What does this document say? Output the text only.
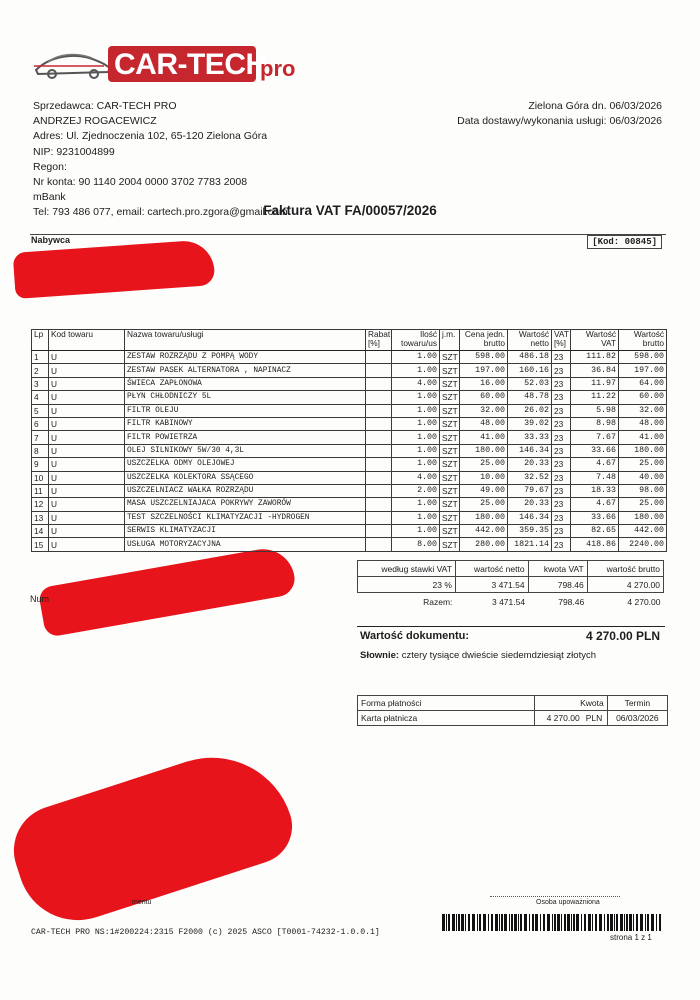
CAR-TECH
pro
Sprzedawca: CAR-TECH PRO
ANDRZEJ ROGACEWICZ
Adres: Ul. Zjednoczenia 102, 65-120 Zielona Góra
NIP: 9231004899
Regon:
Nr konta: 90 1140 2004 0000 3702 7783 2008
mBank
Tel: 793 486 077, email: cartech.pro.zgora@gmail.com
Zielona Góra dn. 06/03/2026
Data dostawy/wykonania usługi: 06/03/2026
Faktura VAT FA/00057/2026
Nabywca	[Kod: 00845]
Num
mentu
Lp	Kod towaru	Nazwa towaru/usługi	Rabat [%]	Ilość towaru/us	j.m.	Cena jedn. brutto	Wartość netto	VAT [%]	Wartość VAT	Wartość brutto
1	U	ZESTAW ROZRZĄDU Z POMPĄ WODY		1.00	SZT	598.00	486.18	23	111.82	598.00
2	U	ZESTAW PASEK ALTERNATORA , NAPINACZ		1.00	SZT	197.00	160.16	23	36.84	197.00
3	U	ŚWIECA ZAPŁONOWA		4.00	SZT	16.00	52.03	23	11.97	64.00
4	U	PŁYN CHŁODNICZY 5L		1.00	SZT	60.00	48.78	23	11.22	60.00
5	U	FILTR OLEJU		1.00	SZT	32.00	26.02	23	5.98	32.00
6	U	FILTR KABINOWY		1.00	SZT	48.00	39.02	23	8.98	48.00
7	U	FILTR POWIETRZA		1.00	SZT	41.00	33.33	23	7.67	41.00
8	U	OLEJ SILNIKOWY 5W/30 4,3L		1.00	SZT	180.00	146.34	23	33.66	180.00
9	U	USZCZELKA ODMY OLEJOWEJ		1.00	SZT	25.00	20.33	23	4.67	25.00
10	U	USZCZELKA KOLEKTORA SSĄCEGO		4.00	SZT	10.00	32.52	23	7.48	40.00
11	U	USZCZELNIACZ WAŁKA ROZRZĄDU		2.00	SZT	49.00	79.67	23	18.33	98.00
12	U	MASA USZCZELNIAJACA POKRYWY ZAWORÓW		1.00	SZT	25.00	20.33	23	4.67	25.00
13	U	TEST SZCZELNOŚCI KLIMATYZACJI -HYDROGEN		1.00	SZT	180.00	146.34	23	33.66	180.00
14	U	SERWIS KLIMATYZACJI		1.00	SZT	442.00	359.35	23	82.65	442.00
15	U	USŁUGA MOTORYZACYJNA		8.00	SZT	280.00	1821.14	23	418.86	2240.00
według stawki VAT	wartość netto	kwota VAT	wartość brutto
23 %	3 471.54	798.46	4 270.00
Razem:	3 471.54	798.46	4 270.00
Wartość dokumentu:	4 270.00 PLN
Słownie: cztery tysiące dwieście siedemdziesiąt złotych
Forma płatności	Kwota		Termin
Karta płatnicza	4 270.00	PLN	06/03/2026
Osoba upoważniona
CAR-TECH PRO NS:1#200224:2315 F2000 (c) 2025 ASCO [T0001-74232-1.0.0.1]
strona 1 z 1
